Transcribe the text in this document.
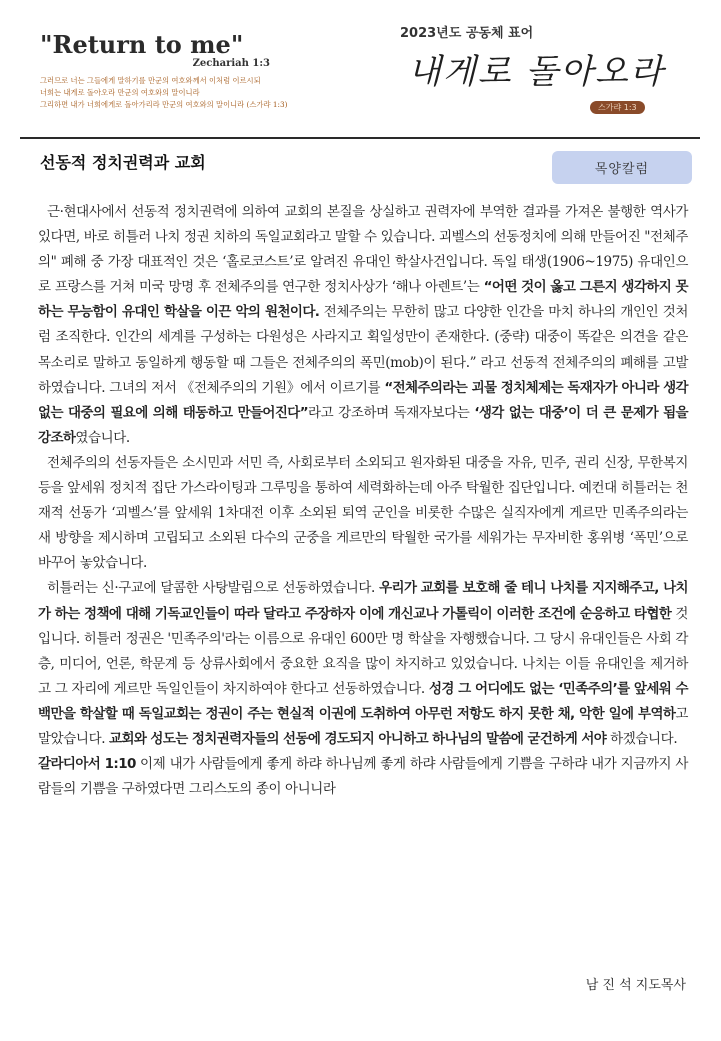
"Return to me"
Zechariah 1:3
그러므로 너는 그들에게 말하기를 만군의 여호와께서 이처럼 이르시되
너희는 내게로 돌아오라 만군의 여호와의 말이니라
그리하면 내가 너희에게로 돌아가리라 만군의 여호와의 말이니라 (스가랴 1:3)
2023년도 공동체 표어
내게로 돌아오라
스가랴 1:3
선동적 정치권력과 교회	목양칼럼

근·현대사에서 선동적 정치권력에 의하여 교회의 본질을 상실하고 권력자에 부역한 결과를 가져온 불행한 역사가 있다면, 바로 히틀러 나치 정권 치하의 독일교회라고 말할 수 있습니다. 괴벨스의 선동정치에 의해 만들어진 "전체주의" 폐해 중 가장 대표적인 것은 ‘홀로코스트’로 알려진 유대인 학살사건입니다. 독일 태생(1906~1975) 유대인으로 프랑스를 거쳐 미국 망명 후 전체주의를 연구한 정치사상가 ‘해나 아렌트’는 “어떤 것이 옳고 그른지 생각하지 못하는 무능함이 유대인 학살을 이끈 악의 원천이다. 전체주의는 무한히 많고 다양한 인간을 마치 하나의 개인인 것처럼 조직한다. 인간의 세계를 구성하는 다원성은 사라지고 획일성만이 존재한다. (중략) 대중이 똑같은 의견을 같은 목소리로 말하고 동일하게 행동할 때 그들은 전체주의의 폭민(mob)이 된다.” 라고 선동적 전체주의의 폐해를 고발하였습니다. 그녀의 저서 《전체주의의 기원》에서 이르기를 “전체주의라는 괴물 정치체제는 독재자가 아니라 생각 없는 대중의 필요에 의해 태동하고 만들어진다”라고 강조하며 독재자보다는 ‘생각 없는 대중’이 더 큰 문제가 됨을 강조하였습니다.

전체주의의 선동자들은 소시민과 서민 즉, 사회로부터 소외되고 원자화된 대중을 자유, 민주, 권리 신장, 무한복지 등을 앞세워 정치적 집단 가스라이팅과 그루밍을 통하여 세력화하는데 아주 탁월한 집단입니다. 예컨대 히틀러는 천재적 선동가 ‘괴벨스’를 앞세워 1차대전 이후 소외된 퇴역 군인을 비롯한 수많은 실직자에게 게르만 민족주의라는 새 방향을 제시하며 고립되고 소외된 다수의 군중을 게르만의 탁월한 국가를 세워가는 무자비한 홍위병 ‘폭민’으로 바꾸어 놓았습니다.

히틀러는 신·구교에 달콤한 사탕발림으로 선동하였습니다. 우리가 교회를 보호해 줄 테니 나치를 지지해주고, 나치가 하는 정책에 대해 기독교인들이 따라 달라고 주장하자 이에 개신교나 가톨릭이 이러한 조건에 순응하고 타협한 것입니다. 히틀러 정권은 '민족주의'라는 이름으로 유대인 600만 명 학살을 자행했습니다. 그 당시 유대인들은 사회 각층, 미디어, 언론, 학문계 등 상류사회에서 중요한 요직을 많이 차지하고 있었습니다. 나치는 이들 유대인을 제거하고 그 자리에 게르만 독일인들이 차지하여야 한다고 선동하였습니다. 성경 그 어디에도 없는 ‘민족주의’를 앞세워 수백만을 학살할 때 독일교회는 정권이 주는 현실적 이권에 도취하여 아무런 저항도 하지 못한 채, 악한 일에 부역하고 말았습니다. 교회와 성도는 정치권력자들의 선동에 경도되지 아니하고 하나님의 말씀에 굳건하게 서야 하겠습니다.

갈라디아서 1:10 이제 내가 사람들에게 좋게 하랴 하나님께 좋게 하랴 사람들에게 기쁨을 구하랴 내가 지금까지 사람들의 기쁨을 구하였다면 그리스도의 종이 아니니라

남 진 석 지도목사
